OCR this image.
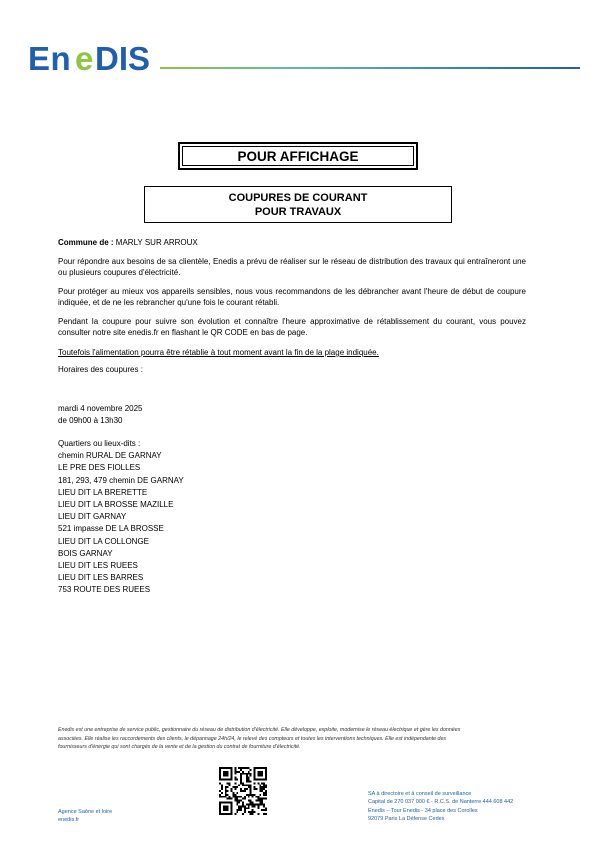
En e DIS
POUR AFFICHAGE
COUPURES DE COURANT
POUR TRAVAUX
Commune de : MARLY SUR ARROUX
Pour répondre aux besoins de sa clientèle, Enedis a prévu de réaliser sur le réseau de distribution des travaux qui entraîneront une ou plusieurs coupures d'électricité.
Pour protéger au mieux vos appareils sensibles, nous vous recommandons de les débrancher avant l'heure de début de coupure indiquée, et de ne les rebrancher qu'une fois le courant rétabli.
Pendant la coupure pour suivre son évolution et connaître l'heure approximative de rétablissement du courant, vous pouvez consulter notre site enedis.fr en flashant le QR CODE en bas de page.
Toutefois l'alimentation pourra être rétablie à tout moment avant la fin de la plage indiquée.
Horaires des coupures :
mardi 4 novembre 2025
de 09h00 à 13h30
Quartiers ou lieux-dits :
chemin RURAL DE GARNAY
LE PRE DES FIOLLES
181, 293, 479 chemin DE GARNAY
LIEU DIT LA BRERETTE
LIEU DIT LA BROSSE MAZILLE
LIEU DIT GARNAY
521 impasse DE LA BROSSE
LIEU DIT LA COLLONGE
BOIS GARNAY
LIEU DIT LES RUEES
LIEU DIT LES BARRES
753 ROUTE DES RUEES
Enedis est une entreprise de service public, gestionnaire du réseau de distribution d'électricité. Elle développe, exploite, modernise le réseau électrique et gère les données
associées. Elle réalise les raccordements des clients, le dépannage 24h/24, le relevé des compteurs et toutes les interventions techniques. Elle est indépendante des
fournisseurs d'énergie qui sont chargés de la vente et de la gestion du contrat de fourniture d'électricité.
Agence Saône et loire
enedis.fr
SA à directoire et à conseil de surveillance
Capital de 270 037 000 € - R.C.S. de Nanterre 444 608 442
Enedis – Tour Enedis - 34 place des Corolles
92079 Paris La Défense Cedex
